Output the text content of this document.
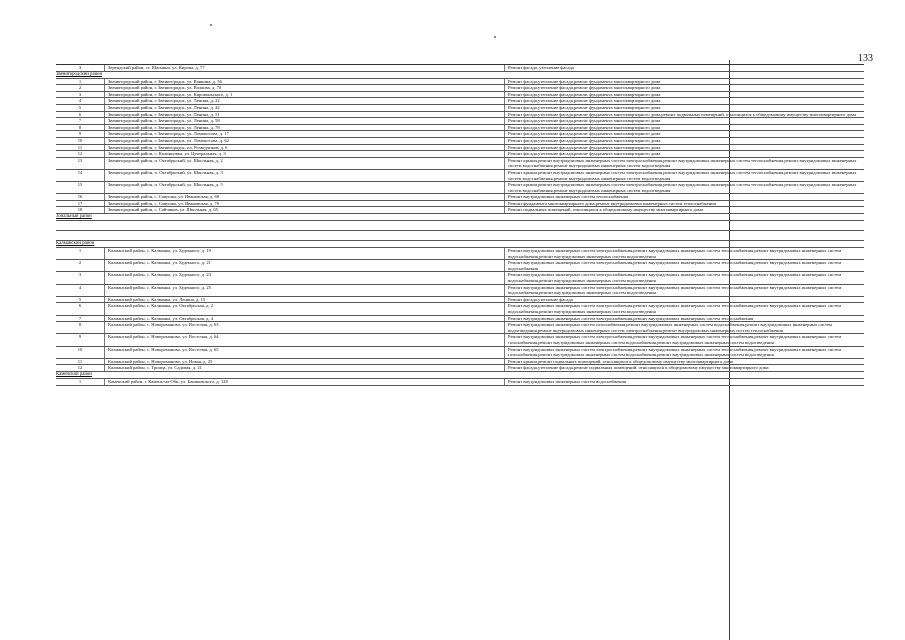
133
3	Зерендский район, ст. Шагнино, ул. Кирова, д. 77	Ремонт фасада, утепление фасада
Звенигородский район
1	Звенигородский район, г. Звенигородск, ул. Ванкина, д. 56	Ремонт фасада,утепление фасада,ремонт фундамента многоквартирного дома
2	Звенигородский район, г. Звенигородск, ул. Волкова, д. 70	Ремонт фасада,утепление фасада,ремонт фундамента многоквартирного дома
3	Звенигородский район, г. Звенигородск, ул. Кировоньского, д. 1	Ремонт фасада,утепление фасада,ремонт фундамента многоквартирного дома
4	Звенигородский район, г. Звенигородск, ул. Ленина, д. 22	Ремонт фасада,утепление фасада,ремонт фундамента многоквартирного дома
5	Звенигородский район, г. Звенигородск, ул. Ленина, д. 42	Ремонт фасада,утепление фасада,ремонт фундамента многоквартирного дома
6	Звенигородский район, г. Звенигородск, ул. Ленина, д. 51	Ремонт фасада,утепление фасада,ремонт фундамента многоквартирного дома,ремонт подвальных помещений, относящихся к общедомовому имуществу многоквартирного дома
7	Звенигородский район, г. Звенигородск, ул. Ленина, д. 58	Ремонт фасада,утепление фасада,ремонт фундамента многоквартирного дома
8	Звенигородский район, г. Звенигородск, ул. Ленина, д. 78	Ремонт фасада,утепление фасада,ремонт фундамента многоквартирного дома
9	Звенигородский район, г. Звенигородск, ул. Ломоносова, д. 17	Ремонт фасада,утепление фасада,ремонт фундамента многоквартирного дома
10	Звенигородский район, г. Звенигородск, ул. Ломоносова, д. 62	Ремонт фасада,утепление фасада,ремонт фундамента многоквартирного дома
11	Звенигородский район, г. Звенигородск, пл. Розведчиков, д. 6	Ремонт фасада,утепление фасада,ремонт фундамента многоквартирного дома
12	Звенигородский район, с. Калинцовка, ул. Центральная, д. 3	Ремонт фасада,утепление фасада,ремонт фундамента многоквартирного дома
13	Звенигородский район, п. Октябрьский, ул. Школьная, д. 2	Ремонт крыши,ремонт внутридомовых инженерных систем электроснабжения,ремонт внутридомовых инженерных систем теплоснабжения,ремонт внутридомовых инженерных систем водоснабжения,ремонт внутридомовых инженерных систем водоотведения
14	Звенигородский район, п. Октябрьский, ул. Школьная, д. 3	Ремонт крыши,ремонт внутридомовых инженерных систем электроснабжения,ремонт внутридомовых инженерных систем теплоснабжения,ремонт внутридомовых инженерных систем водоснабжения,ремонт внутридомовых инженерных систем водоотведения
15	Звенигородский район, п. Октябрьский, ул. Школьная, д. 5	Ремонт крыши,ремонт внутридомовых инженерных систем электроснабжения,ремонт внутридомовых инженерных систем теплоснабжения,ремонт внутридомовых инженерных систем водоснабжения,ремонт внутридомовых инженерных систем водоотведения
16	Звенигородский район, с. Савушка, ул. Ивановская, д. 68	Ремонт внутридомовых инженерных систем теплоснабжения
17	Звенигородский район, с. Савушка, ул. Ивановская, д. 70	Ремонт фундамента многоквартирного дома,ремонт внутридомовых инженерных систем теплоснабжения
18	Звенигородский район, с. Сайчиков, ул. Школьная, д. 65	Ремонт подвальных помещений, относящихся к общедомовому имуществу многоквартирного дома
Зональный район
Калманский район
1	Калманский район, с. Калманка, ул. Буденного, д. 19	Ремонт внутридомовых инженерных систем электроснабжения,ремонт внутридомовых инженерных систем теплоснабжения,ремонт внутридомовых инженерных систем водоснабжения,ремонт внутридомовых инженерных систем водоотведения
2	Калманский район, с. Калманка, ул. Буденного, д. 21	Ремонт внутридомовых инженерных систем электроснабжения,ремонт внутридомовых инженерных систем теплоснабжения,ремонт внутридомовых инженерных систем водоснабжения
3	Калманский район, с. Калманка, ул. Буденного, д. 23	Ремонт внутридомовых инженерных систем электроснабжения,ремонт внутридомовых инженерных систем теплоснабжения,ремонт внутридомовых инженерных систем водоснабжения,ремонт внутридомовых инженерных систем водоотведения
4	Калманский район, с. Калманка, ул. Буденного, д. 25	Ремонт внутридомовых инженерных систем электроснабжения,ремонт внутридомовых инженерных систем теплоснабжения,ремонт внутридомовых инженерных систем водоснабжения,ремонт внутридомовых инженерных систем водоотведения
5	Калманский район, с. Калманка, ул. Ленина, д. 15	Ремонт фасада,утепление фасада
6	Калманский район, с. Калманка, ул. Октябрьская, д. 2	Ремонт внутридомовых инженерных систем электроснабжения,ремонт внутридомовых инженерных систем теплоснабжения,ремонт внутридомовых инженерных систем водоснабжения,ремонт внутридомовых инженерных систем водоотведения
7	Калманский район, с. Калманка, ул. Октябрьская, д. 4	Ремонт внутридомовых инженерных систем электроснабжения,ремонт внутридомовых инженерных систем теплоснабжения
8	Калманский район, с. Новоромановo, ул. Восточая, д. 63	Ремонт внутридомовых инженерных систем газоснабжения,ремонт внутридомовых инженерных систем водоснабжения,ремонт внутридомовых инженерных систем водоотведения,ремонт внутридомовых инженерных систем электроснабжения,ремонт внутридомовых инженерных систем теплоснабжения
9	Калманский район, с. Новоромановo, ул. Восточая, д. 64	Ремонт внутридомовых инженерных систем электроснабжения,ремонт внутридомовых инженерных систем теплоснабжения,ремонт внутридомовых инженерных систем газоснабжения,ремонт внутридомовых инженерных систем водоснабжения,ремонт внутридомовых инженерных систем водоотведения
10	Калманский район, с. Новоромановo, ул. Восточая, д. 65	Ремонт внутридомовых инженерных систем электроснабжения,ремонт внутридомовых инженерных систем теплоснабжения,ремонт внутридомовых инженерных систем газоснабжения,ремонт внутридомовых инженерных систем водоснабжения,ремонт внутридомовых инженерных систем водоотведения
11	Калманский район, с. Новоромановo, ул. Новая, д. 25	Ремонт крыши,ремонт подвальных помещений, относящихся к общедомовому имуществу многоквартирного дома
12	Калманский район, с. Троица, ул. Садовая, д. 21	Ремонт фасада,утепление фасада,ремонт подвальных помещений, относящихся к общедомовому имуществу многоквартирного дома
Каменский район
1	Каменский район, г. Камень-на-Оби, ул. Баниковского, д. 128	Ремонт внутридомовых инженерных систем водоснабжения
